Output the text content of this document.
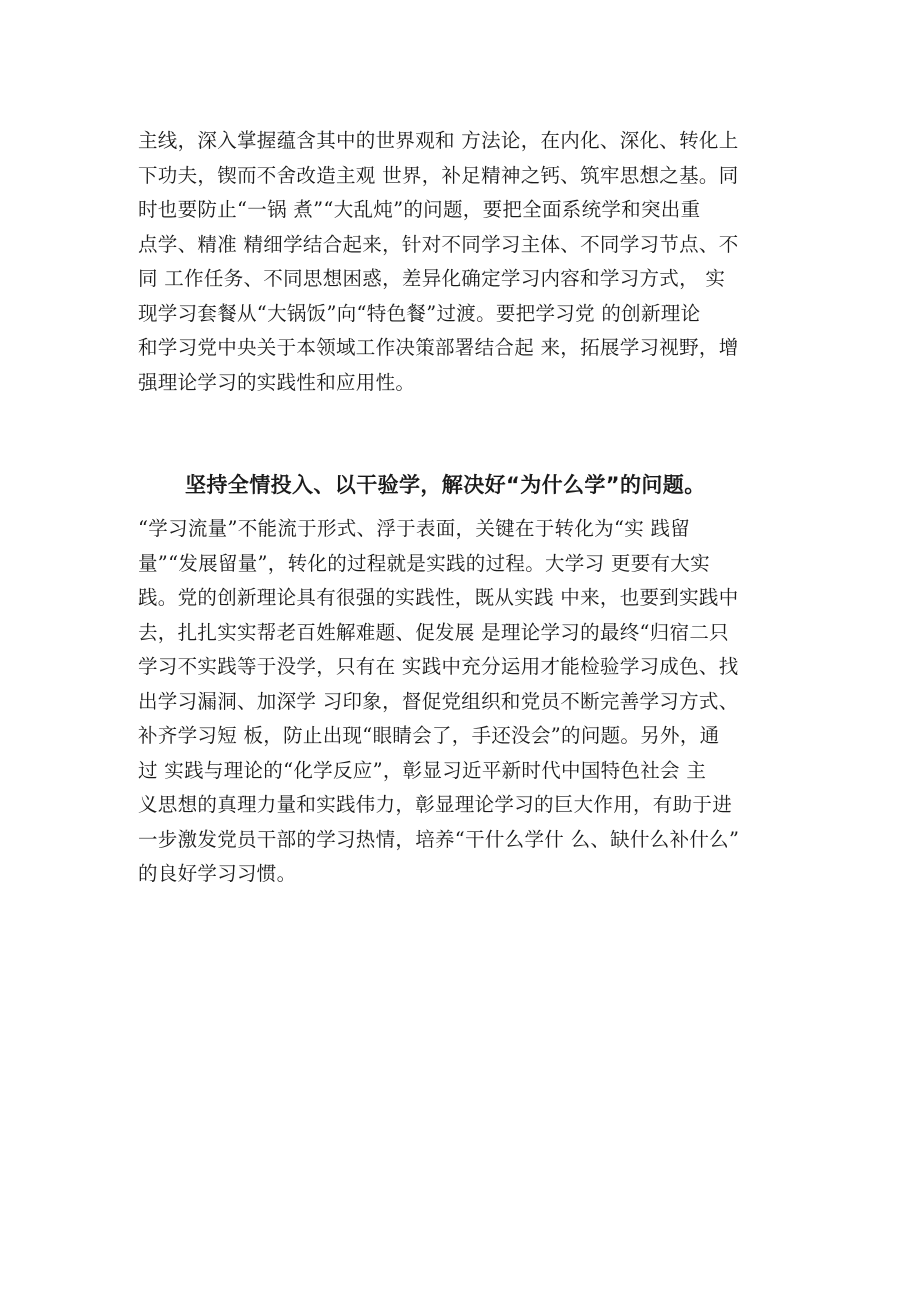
主线，深入掌握蕴含其中的世界观和 方法论，在内化、深化、转化上
下功夫，锲而不舍改造主观 世界，补足精神之钙、筑牢思想之基。同
时也要防止“一锅 煮”“大乱炖”的问题，要把全面系统学和突出重
点学、精准 精细学结合起来，针对不同学习主体、不同学习节点、不
同 工作任务、不同思想困惑，差异化确定学习内容和学习方式， 实
现学习套餐从“大锅饭”向“特色餐”过渡。要把学习党 的创新理论
和学习党中央关于本领域工作决策部署结合起 来，拓展学习视野，增
强理论学习的实践性和应用性。
坚持全情投入、以干验学，解决好“为什么学”的问题。
“学习流量”不能流于形式、浮于表面，关键在于转化为“实 践留
量”“发展留量”，转化的过程就是实践的过程。大学习 更要有大实
践。党的创新理论具有很强的实践性，既从实践 中来，也要到实践中
去，扎扎实实帮老百姓解难题、促发展 是理论学习的最终“归宿二只
学习不实践等于没学，只有在 实践中充分运用才能检验学习成色、找
出学习漏洞、加深学 习印象，督促党组织和党员不断完善学习方式、
补齐学习短 板，防止出现“眼睛会了，手还没会”的问题。另外，通
过 实践与理论的“化学反应”，彰显习近平新时代中国特色社会 主
义思想的真理力量和实践伟力，彰显理论学习的巨大作用，有助于进
一步激发党员干部的学习热情，培养“干什么学什 么、缺什么补什么”
的良好学习习惯。
